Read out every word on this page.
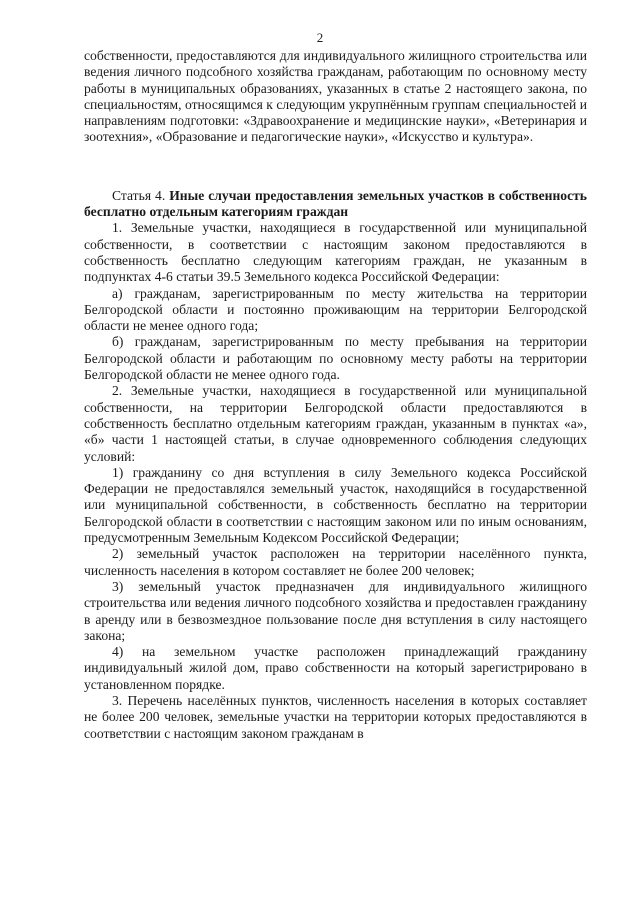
2

собственности, предоставляются для индивидуального жилищного строительства или ведения личного подсобного хозяйства гражданам, работающим по основному месту работы в муниципальных образованиях, указанных в статье 2 настоящего закона, по специальностям, относящимся к следующим укрупнённым группам специальностей и направлениям подготовки: «Здравоохранение и медицинские науки», «Ветеринария и зоотехния», «Образование и педагогические науки», «Искусство и культура».

Статья 4. Иные случаи предоставления земельных участков в собственность бесплатно отдельным категориям граждан

1. Земельные участки, находящиеся в государственной или муниципальной собственности, в соответствии с настоящим законом предоставляются в собственность бесплатно следующим категориям граждан, не указанным в подпунктах 4-6 статьи 39.5 Земельного кодекса Российской Федерации:

а) гражданам, зарегистрированным по месту жительства на территории Белгородской области и постоянно проживающим на территории Белгородской области не менее одного года;

б) гражданам, зарегистрированным по месту пребывания на территории Белгородской области и работающим по основному месту работы на территории Белгородской области не менее одного года.

2. Земельные участки, находящиеся в государственной или муниципальной собственности, на территории Белгородской области предоставляются в собственность бесплатно отдельным категориям граждан, указанным в пунктах «а», «б» части 1 настоящей статьи, в случае одновременного соблюдения следующих условий:

1) гражданину со дня вступления в силу Земельного кодекса Российской Федерации не предоставлялся земельный участок, находящийся в государственной или муниципальной собственности, в собственность бесплатно на территории Белгородской области в соответствии с настоящим законом или по иным основаниям, предусмотренным Земельным Кодексом Российской Федерации;

2) земельный участок расположен на территории населённого пункта, численность населения в котором составляет не более 200 человек;

3) земельный участок предназначен для индивидуального жилищного строительства или ведения личного подсобного хозяйства и предоставлен гражданину в аренду или в безвозмездное пользование после дня вступления в силу настоящего закона;

4) на земельном участке расположен принадлежащий гражданину индивидуальный жилой дом, право собственности на который зарегистрировано в установленном порядке.

3. Перечень населённых пунктов, численность населения в которых составляет не более 200 человек, земельные участки на территории которых предоставляются в соответствии с настоящим законом гражданам в
